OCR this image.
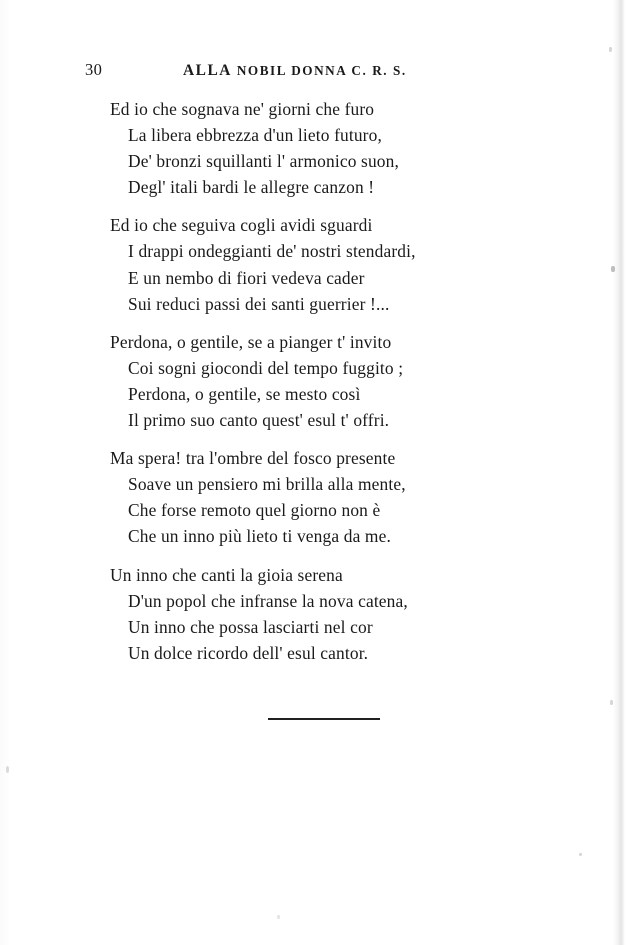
30	ALLA NOBIL DONNA C. R. S.
Ed io che sognava ne' giorni che furo
La libera ebbrezza d'un lieto futuro,
De' bronzi squillanti l' armonico suon,
Degl' itali bardi le allegre canzon !
Ed io che seguiva cogli avidi sguardi
I drappi ondeggianti de' nostri stendardi,
E un nembo di fiori vedeva cader
Sui reduci passi dei santi guerrier !...
Perdona, o gentile, se a pianger t' invito
Coi sogni giocondi del tempo fuggito ;
Perdona, o gentile, se mesto così
Il primo suo canto quest' esul t' offri.
Ma spera! tra l'ombre del fosco presente
Soave un pensiero mi brilla alla mente,
Che forse remoto quel giorno non è
Che un inno più lieto ti venga da me.
Un inno che canti la gioia serena
D'un popol che infranse la nova catena,
Un inno che possa lasciarti nel cor
Un dolce ricordo dell' esul cantor.
